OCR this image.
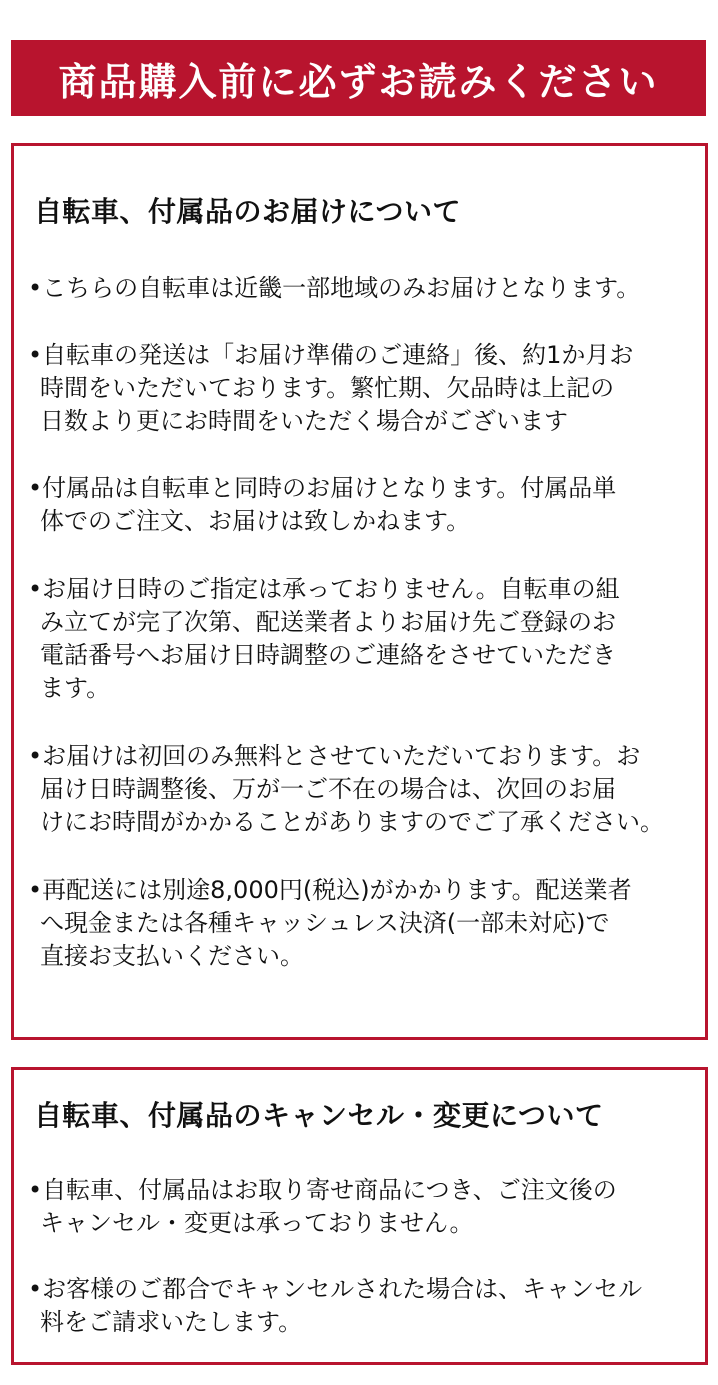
商品購入前に必ずお読みください
自転車、付属品のお届けについて
•こちらの自転車は近畿一部地域のみお届けとなります。
•自転車の発送は「お届け準備のご連絡」後、約1か月お
時間をいただいております。繁忙期、欠品時は上記の
日数より更にお時間をいただく場合がございます
•付属品は自転車と同時のお届けとなります。付属品単
体でのご注文、お届けは致しかねます。
•お届け日時のご指定は承っておりません。自転車の組
み立てが完了次第、配送業者よりお届け先ご登録のお
電話番号へお届け日時調整のご連絡をさせていただき
ます。
•お届けは初回のみ無料とさせていただいております。お
届け日時調整後、万が一ご不在の場合は、次回のお届
けにお時間がかかることがありますのでご了承ください。
•再配送には別途8,000円(税込)がかかります。配送業者
へ現金または各種キャッシュレス決済(一部未対応)で
直接お支払いください。
自転車、付属品のキャンセル・変更について
•自転車、付属品はお取り寄せ商品につき、ご注文後の
キャンセル・変更は承っておりません。
•お客様のご都合でキャンセルされた場合は、キャンセル
料をご請求いたします。
